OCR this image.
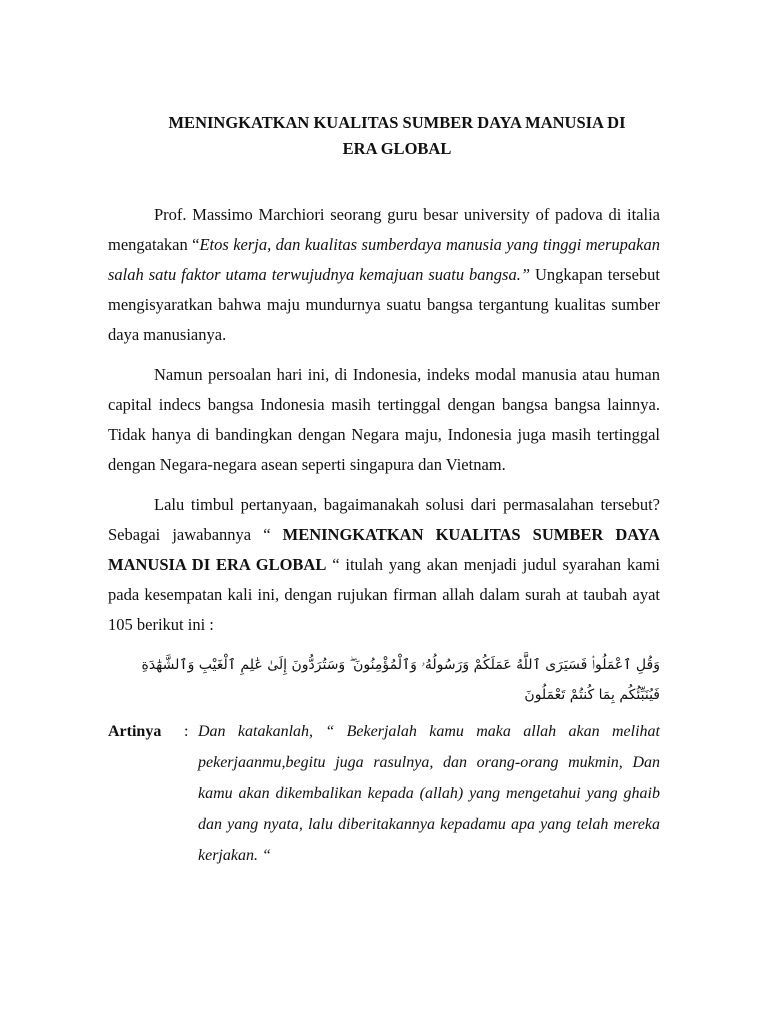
MENINGKATKAN KUALITAS SUMBER DAYA MANUSIA DI
ERA GLOBAL

Prof. Massimo Marchiori seorang guru besar university of padova di italia mengatakan “Etos kerja, dan kualitas sumberdaya manusia yang tinggi merupakan salah satu faktor utama terwujudnya kemajuan suatu bangsa.” Ungkapan tersebut mengisyaratkan bahwa maju mundurnya suatu bangsa tergantung kualitas sumber daya manusianya.

Namun persoalan hari ini, di Indonesia, indeks modal manusia atau human capital indecs bangsa Indonesia masih tertinggal dengan bangsa bangsa lainnya. Tidak hanya di bandingkan dengan Negara maju, Indonesia juga masih tertinggal dengan Negara-negara asean seperti singapura dan Vietnam.

Lalu timbul pertanyaan, bagaimanakah solusi dari permasalahan tersebut? Sebagai jawabannya “ MENINGKATKAN KUALITAS SUMBER DAYA MANUSIA DI ERA GLOBAL “ itulah yang akan menjadi judul syarahan kami pada kesempatan kali ini, dengan rujukan firman allah dalam surah at taubah ayat 105 berikut ini :

وَقُلِ ٱعْمَلُوا۟ فَسَيَرَى ٱللَّهُ عَمَلَكُمْ وَرَسُولُهُۥ وَٱلْمُؤْمِنُونَ ۖ وَسَتُرَدُّونَ إِلَىٰ عَٰلِمِ ٱلْغَيْبِ وَٱلشَّهَٰدَةِ فَيُنَبِّئُكُم بِمَا كُنتُمْ تَعْمَلُونَ
Artinya	: Dan katakanlah, “ Bekerjalah kamu maka allah akan melihat pekerjaanmu,begitu juga rasulnya, dan orang-orang mukmin, Dan kamu akan dikembalikan kepada (allah) yang mengetahui yang ghaib dan yang nyata, lalu diberitakannya kepadamu apa yang telah mereka kerjakan. “
